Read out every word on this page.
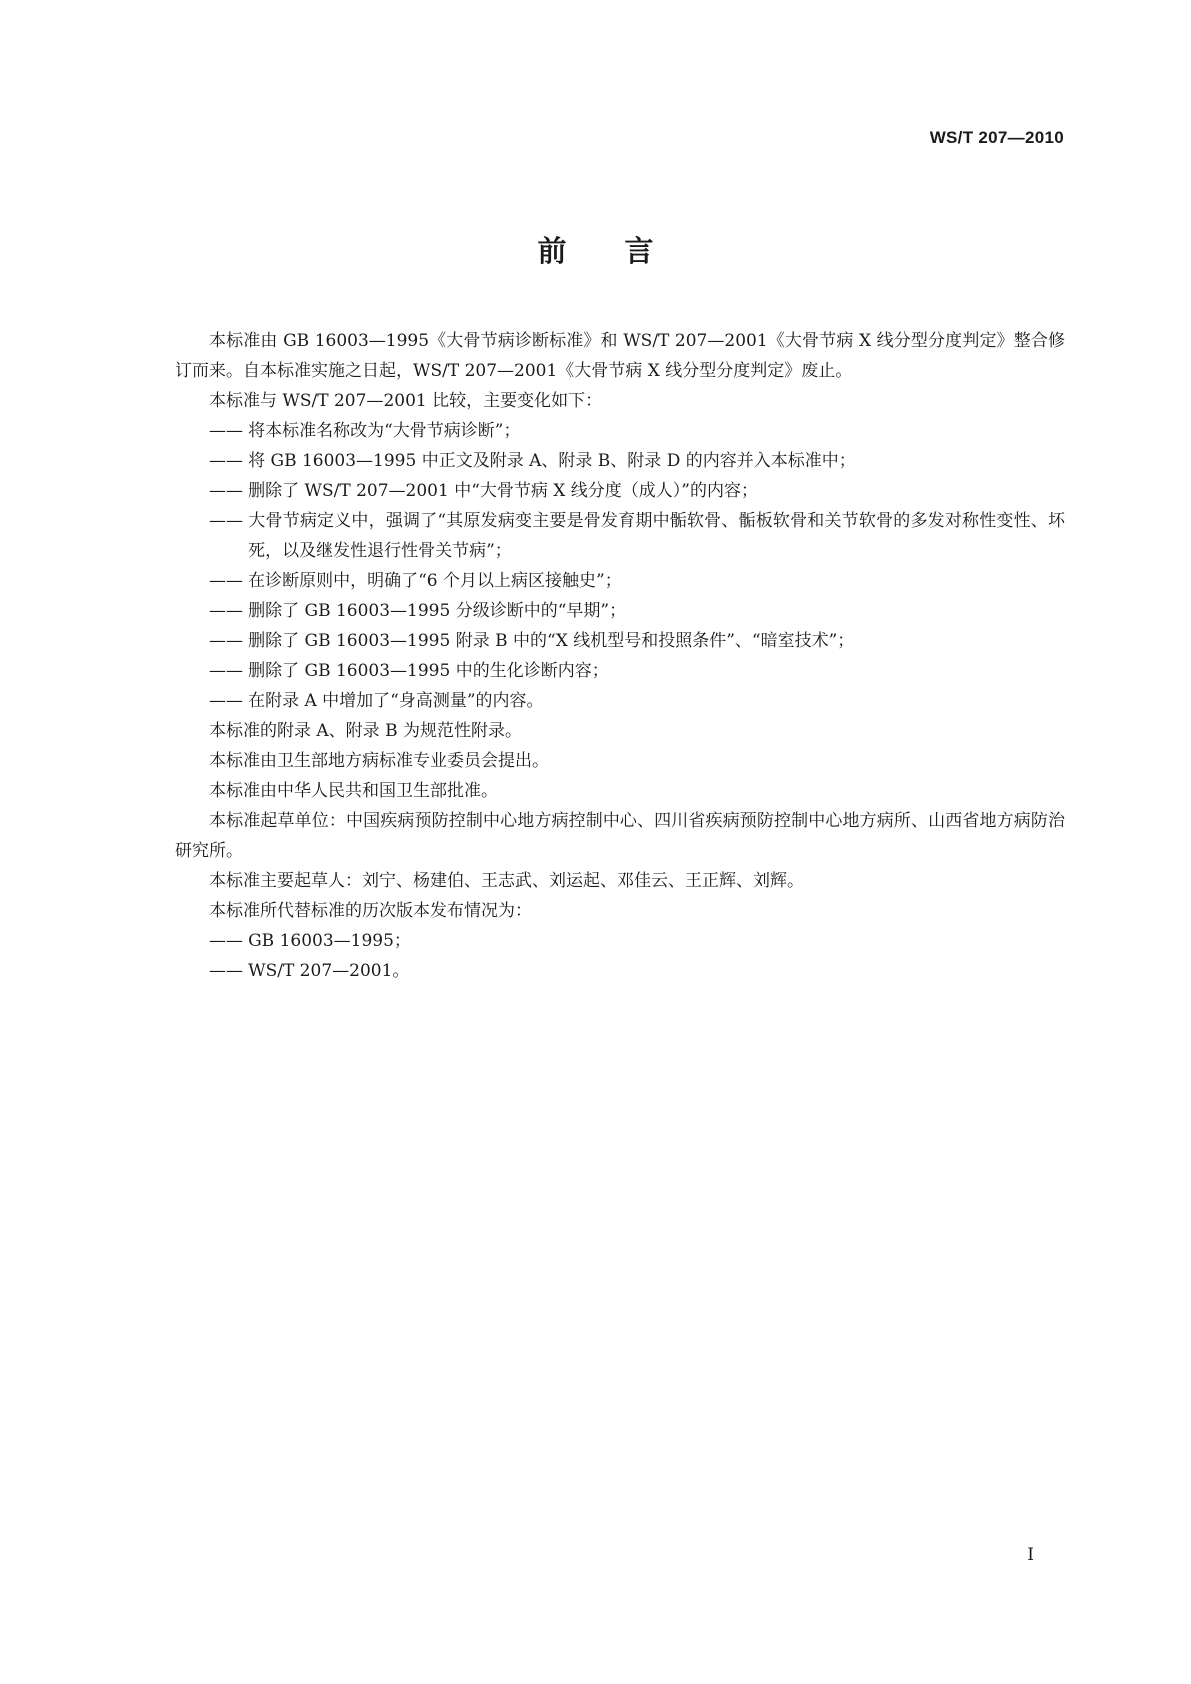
WS/T 207—2010
前言

本标准由 GB 16003—1995《大骨节病诊断标准》和 WS/T 207—2001《大骨节病 X 线分型分度判定》整合修订而来。自本标准实施之日起，WS/T 207—2001《大骨节病 X 线分型分度判定》废止。

本标准与 WS/T 207—2001 比较，主要变化如下：

—— 将本标准名称改为“大骨节病诊断”；

—— 将 GB 16003—1995 中正文及附录 A、附录 B、附录 D 的内容并入本标准中；

—— 删除了 WS/T 207—2001 中“大骨节病 X 线分度（成人）”的内容；

—— 大骨节病定义中，强调了“其原发病变主要是骨发育期中骺软骨、骺板软骨和关节软骨的多发对称性变性、坏死，以及继发性退行性骨关节病”；

—— 在诊断原则中，明确了“6 个月以上病区接触史”；

—— 删除了 GB 16003—1995 分级诊断中的“早期”；

—— 删除了 GB 16003—1995 附录 B 中的“X 线机型号和投照条件”、“暗室技术”；

—— 删除了 GB 16003—1995 中的生化诊断内容；

—— 在附录 A 中增加了“身高测量”的内容。

本标准的附录 A、附录 B 为规范性附录。

本标准由卫生部地方病标准专业委员会提出。

本标准由中华人民共和国卫生部批准。

本标准起草单位：中国疾病预防控制中心地方病控制中心、四川省疾病预防控制中心地方病所、山西省地方病防治研究所。

本标准主要起草人：刘宁、杨建伯、王志武、刘运起、邓佳云、王正辉、刘辉。

本标准所代替标准的历次版本发布情况为：

—— GB 16003—1995；

—— WS/T 207—2001。

I
